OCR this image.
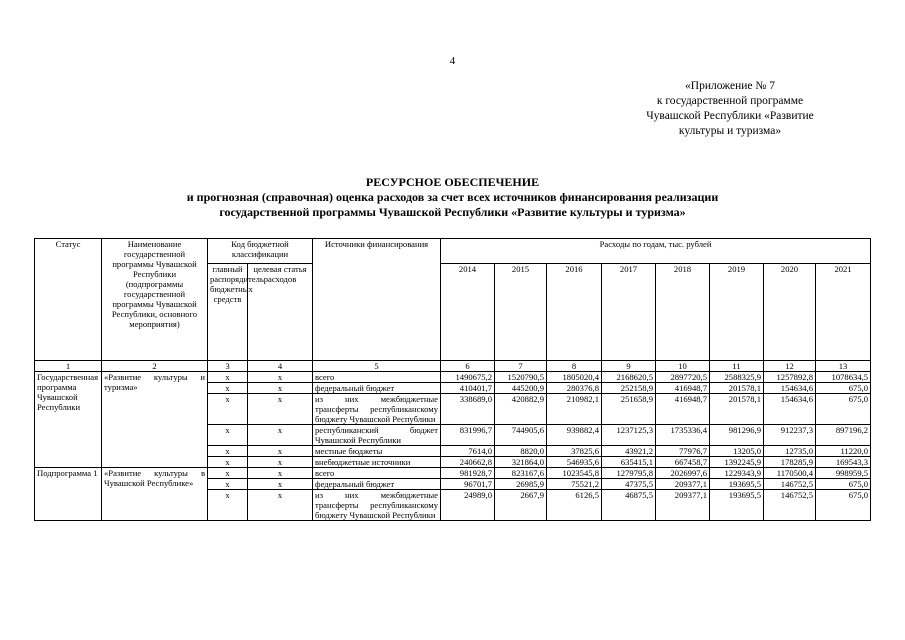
4
«Приложение № 7
к государственной программе
Чувашской Республики «Развитие
культуры и туризма»
РЕСУРСНОЕ ОБЕСПЕЧЕНИЕ
и прогнозная (справочная) оценка расходов за счет всех источников финансирования реализации
государственной программы Чувашской Республики «Развитие культуры и туризма»
Статус	Наименование государственной программы Чувашской Республики (подпрограммы государственной программы Чувашской Республики, основного мероприятия)	Код бюджетной классификации		Источники финансирования	Расходы по годам, тыс. рублей							
		главный распорядитель бюджетных средств	целевая статья расходов		2014	2015	2016	2017	2018	2019	2020	2021
1	2	3	4	5	6	7	8	9	10	11	12	13
Государственная программа Чувашской Республики	«Развитие культуры и туризма»	x	x	всего	1490675,2	1520790,5	1805020,4	2168620,5	2897720,5	2588325,9	1257892,8	1078634,5
		x	x	федеральный бюджет	410401,7	445200,9	280376,8	252158,9	416948,7	201578,1	154634,6	675,0
		x	x	из них межбюджетные трансферты республиканскому бюджету Чувашской Республики	338689,0	420882,9	210982,1	251658,9	416948,7	201578,1	154634,6	675,0
		x	x	республиканский бюджет Чувашской Республики	831996,7	744905,6	939882,4	1237125,3	1735336,4	981296,9	912237,3	897196,2
		x	x	местные бюджеты	7614,0	8820,0	37825,6	43921,2	77976,7	13205,0	12735,0	11220,0
		x	x	внебюджетные источники	240662,8	321864,0	546935,6	635415,1	667458,7	1392245,9	178285,9	169543,3
Подпрограмма 1	«Развитие культуры в Чувашской Республике»	x	x	всего	981928,7	823167,6	1023545,8	1279795,8	2026997,6	1229343,9	1170500,4	998959,5
		x	x	федеральный бюджет	96701,7	26985,9	75521,2	47375,5	209377,1	193695,5	146752,5	675,0
		x	x	из них межбюджетные трансферты республиканскому бюджету Чувашской Республики	24989,0	2667,9	6126,5	46875,5	209377,1	193695,5	146752,5	675,0
